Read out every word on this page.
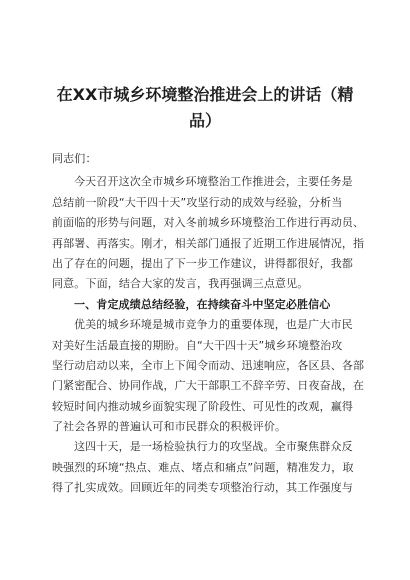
在XX市城乡环境整治推进会上的讲话（精
品）
同志们：
今天召开这次全市城乡环境整治工作推进会，主要任务是
总结前一阶段“大干四十天”攻坚行动的成效与经验，分析当
前面临的形势与问题，对入冬前城乡环境整治工作进行再动员、
再部署、再落实。刚才，相关部门通报了近期工作进展情况，指
出了存在的问题，提出了下一步工作建议，讲得都很好，我都
同意。下面，结合大家的发言，我再强调三点意见。
一、肯定成绩总结经验，在持续奋斗中坚定必胜信心
优美的城乡环境是城市竞争力的重要体现，也是广大市民
对美好生活最直接的期盼。自“大干四十天”城乡环境整治攻
坚行动启动以来，全市上下闻令而动、迅速响应，各区县、各部
门紧密配合、协同作战，广大干部职工不辞辛劳、日夜奋战，在
较短时间内推动城乡面貌实现了阶段性、可见性的改观，赢得
了社会各界的普遍认可和市民群众的积极评价。
这四十天，是一场检验执行力的攻坚战。全市聚焦群众反
映强烈的环境“热点、难点、堵点和痛点”问题，精准发力，取
得了扎实成效。回顾近年的同类专项整治行动，其工作强度与
